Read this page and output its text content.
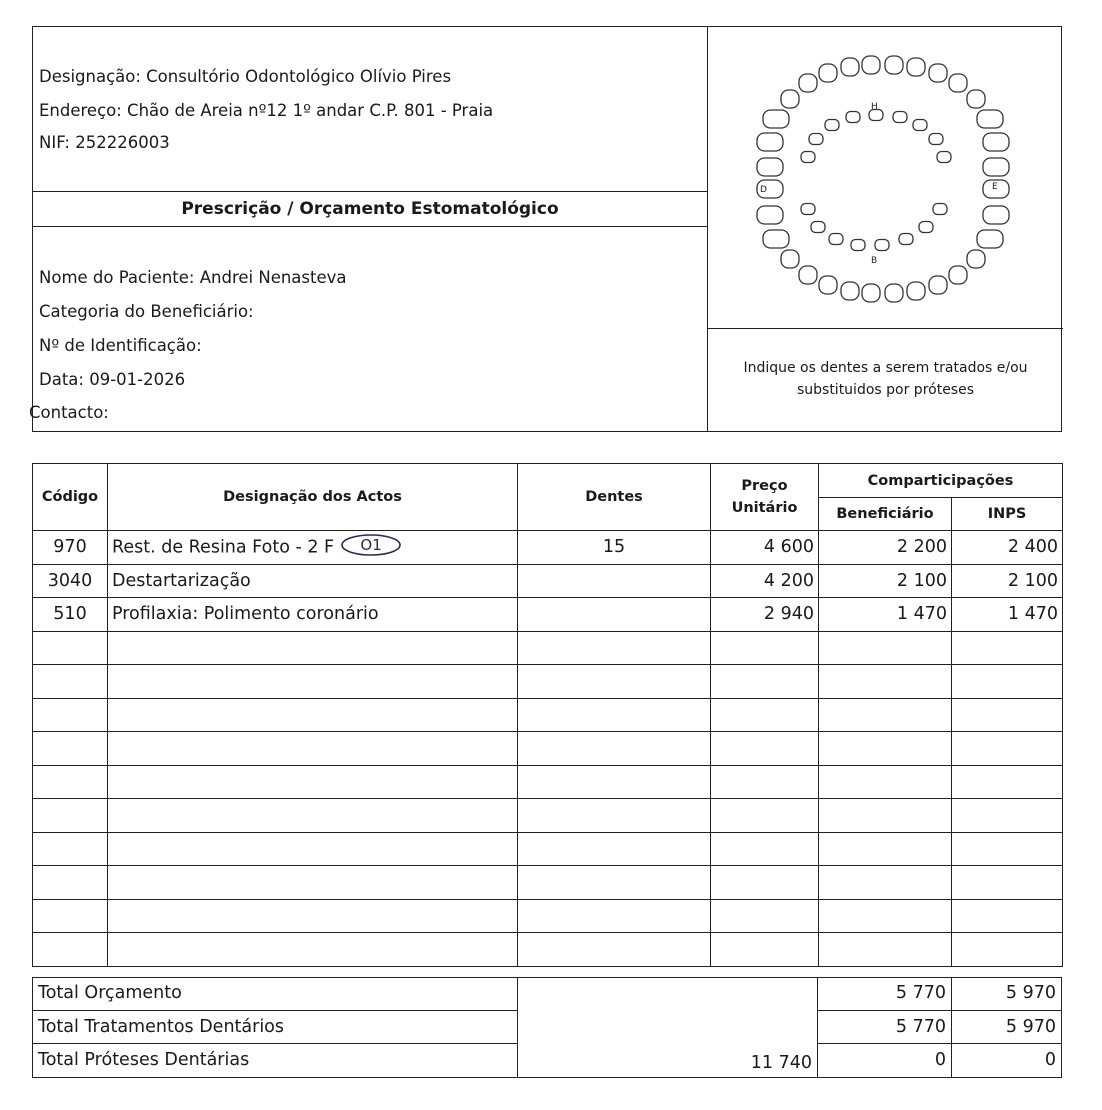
Designação: Consultório Odontológico Olívio Pires
Endereço: Chão de Areia nº12 1º andar C.P. 801 - Praia
NIF: 252226003
Prescrição / Orçamento Estomatológico
Nome do Paciente: Andrei Nenasteva
Categoria do Beneficiário:
Nº de Identificação:
Data: 09-01-2026
Contacto:
H
B
D	E
Indique os dentes a serem tratados e/ou substituidos por próteses
Código	Designação dos Actos	Dentes	Preço Unitário	Comparticipações	
				Beneficiário	INPS
970	Rest. de Resina Foto - 2 F O1	15	4 600	2 200	2 400
3040	Destartarização		4 200	2 100	2 100
510	Profilaxia: Polimento coronário		2 940	1 470	1 470

Total Orçamento	5 770	5 970
Total Tratamentos Dentários	5 770	5 970
Total Próteses Dentárias	0	0
11 740
